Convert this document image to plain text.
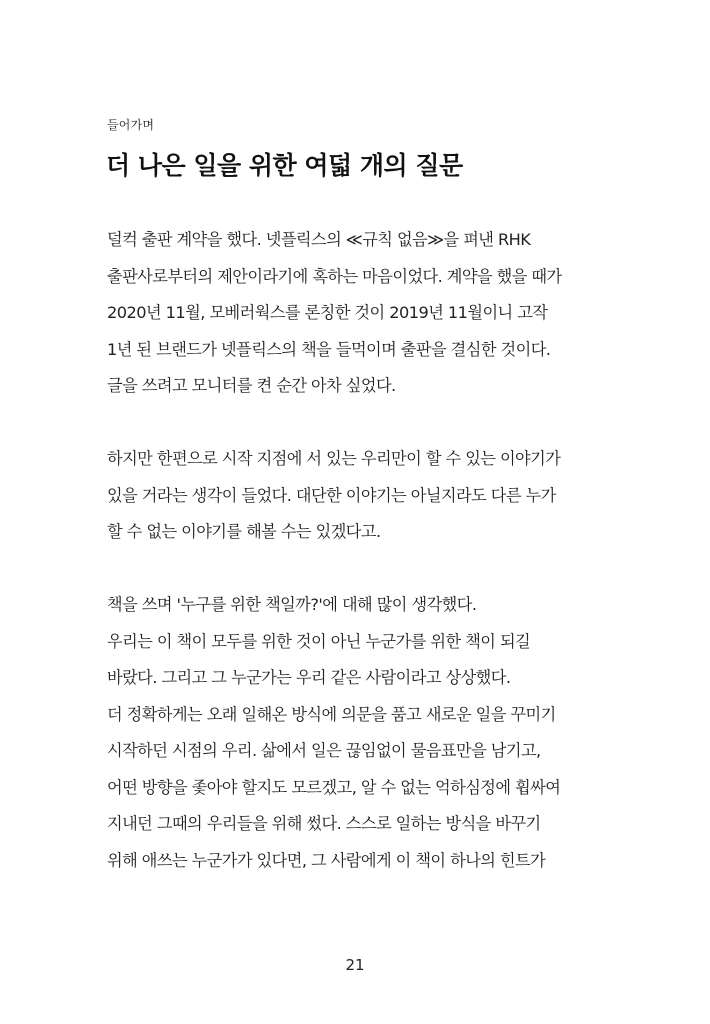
들어가며
더 나은 일을 위한 여덟 개의 질문
덜컥 출판 계약을 했다. 넷플릭스의 ≪규칙 없음≫을 펴낸 RHK
출판사로부터의 제안이라기에 혹하는 마음이었다. 계약을 했을 때가
2020년 11월, 모베러웍스를 론칭한 것이 2019년 11월이니 고작
1년 된 브랜드가 넷플릭스의 책을 들먹이며 출판을 결심한 것이다.
글을 쓰려고 모니터를 켠 순간 아차 싶었다.
하지만 한편으로 시작 지점에 서 있는 우리만이 할 수 있는 이야기가
있을 거라는 생각이 들었다. 대단한 이야기는 아닐지라도 다른 누가
할 수 없는 이야기를 해볼 수는 있겠다고.
책을 쓰며 '누구를 위한 책일까?'에 대해 많이 생각했다.
우리는 이 책이 모두를 위한 것이 아닌 누군가를 위한 책이 되길
바랐다. 그리고 그 누군가는 우리 같은 사람이라고 상상했다.
더 정확하게는 오래 일해온 방식에 의문을 품고 새로운 일을 꾸미기
시작하던 시점의 우리. 삶에서 일은 끊임없이 물음표만을 남기고,
어떤 방향을 좇아야 할지도 모르겠고, 알 수 없는 억하심정에 휩싸여
지내던 그때의 우리들을 위해 썼다. 스스로 일하는 방식을 바꾸기
위해 애쓰는 누군가가 있다면, 그 사람에게 이 책이 하나의 힌트가
21
